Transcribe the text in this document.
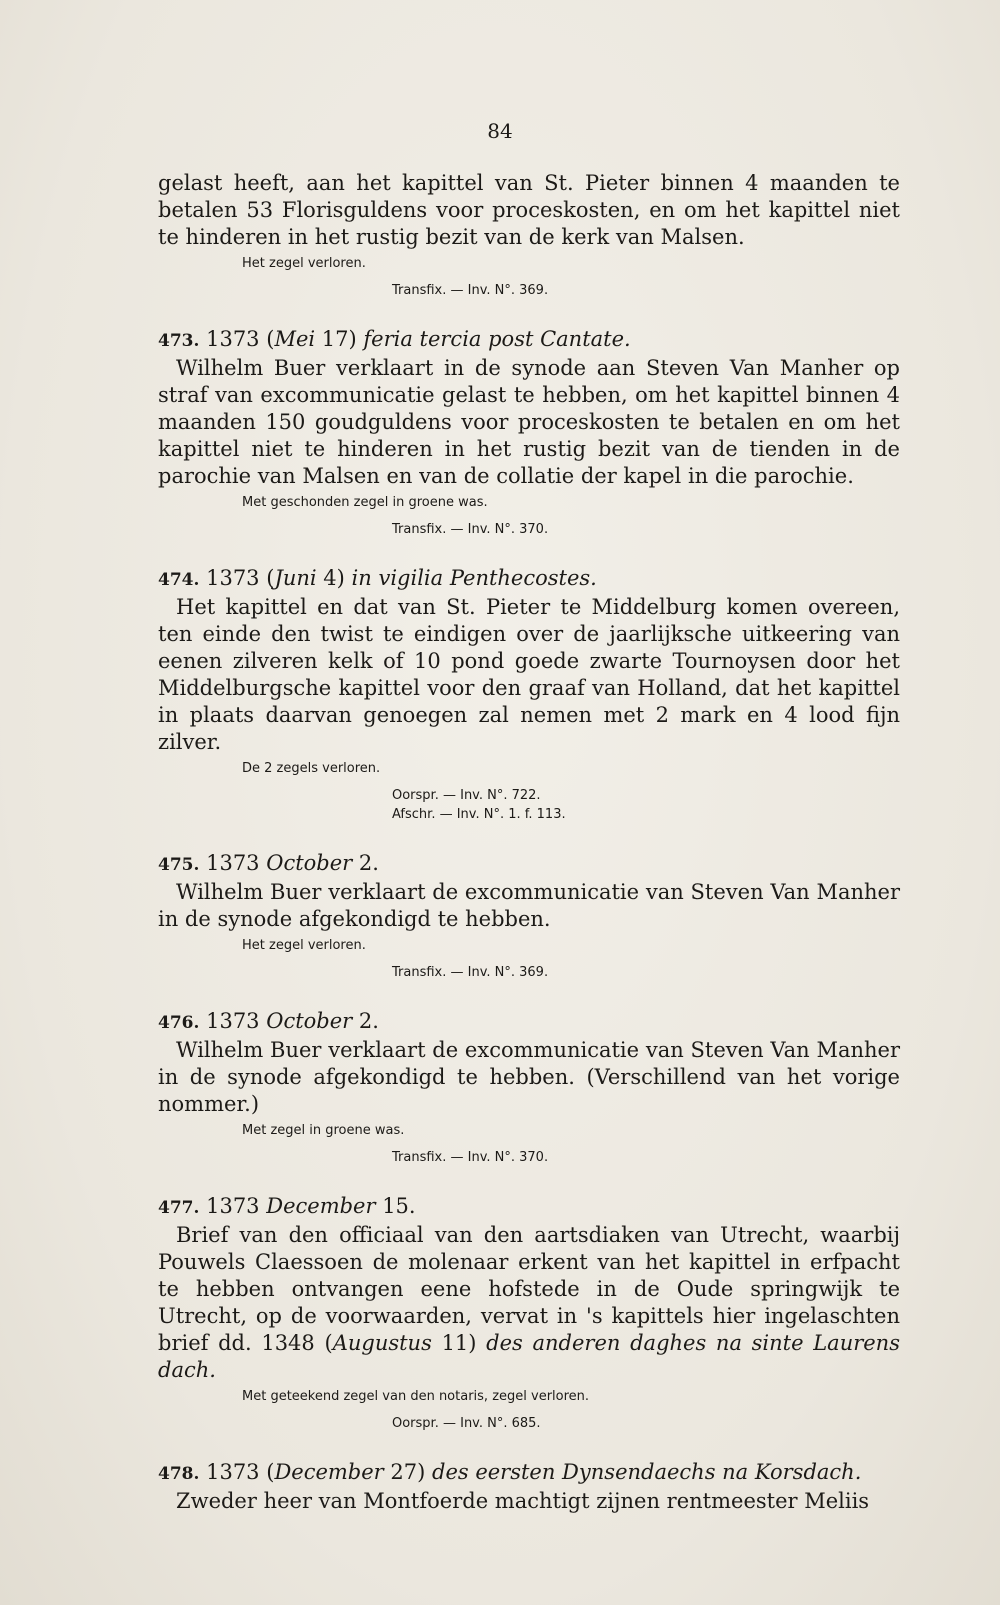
84

gelast heeft, aan het kapittel van St. Pieter binnen 4 maanden te betalen 53 Florisguldens voor proceskosten, en om het kapittel niet te hinderen in het rustig bezit van de kerk van Malsen.

Het zegel verloren.
Transfix. — Inv. N°. 369.

473. 1373 (Mei 17) feria tercia post Cantate.

Wilhelm Buer verklaart in de synode aan Steven Van Manher op straf van excommunicatie gelast te hebben, om het kapittel binnen 4 maanden 150 goudguldens voor proceskosten te betalen en om het kapittel niet te hinderen in het rustig bezit van de tienden in de parochie van Malsen en van de collatie der kapel in die parochie.

Met geschonden zegel in groene was.
Transfix. — Inv. N°. 370.

474. 1373 (Juni 4) in vigilia Penthecostes.

Het kapittel en dat van St. Pieter te Middelburg komen overeen, ten einde den twist te eindigen over de jaarlijksche uitkeering van eenen zilveren kelk of 10 pond goede zwarte Tournoysen door het Middelburgsche kapittel voor den graaf van Holland, dat het kapittel in plaats daarvan genoegen zal nemen met 2 mark en 4 lood fijn zilver.

De 2 zegels verloren.
Oorspr. — Inv. N°. 722.
Afschr. — Inv. N°. 1. f. 113.

475. 1373 October 2.

Wilhelm Buer verklaart de excommunicatie van Steven Van Manher in de synode afgekondigd te hebben.

Het zegel verloren.
Transfix. — Inv. N°. 369.

476. 1373 October 2.

Wilhelm Buer verklaart de excommunicatie van Steven Van Manher in de synode afgekondigd te hebben. (Verschillend van het vorige nommer.)

Met zegel in groene was.
Transfix. — Inv. N°. 370.

477. 1373 December 15.

Brief van den officiaal van den aartsdiaken van Utrecht, waarbij Pouwels Claessoen de molenaar erkent van het kapittel in erfpacht te hebben ontvangen eene hofstede in de Oude springwijk te Utrecht, op de voorwaarden, vervat in 's kapittels hier ingelaschten brief dd. 1348 (Augustus 11) des anderen daghes na sinte Laurens dach.

Met geteekend zegel van den notaris, zegel verloren.
Oorspr. — Inv. N°. 685.

478. 1373 (December 27) des eersten Dynsendaechs na Korsdach.

Zweder heer van Montfoerde machtigt zijnen rentmeester Meliis
